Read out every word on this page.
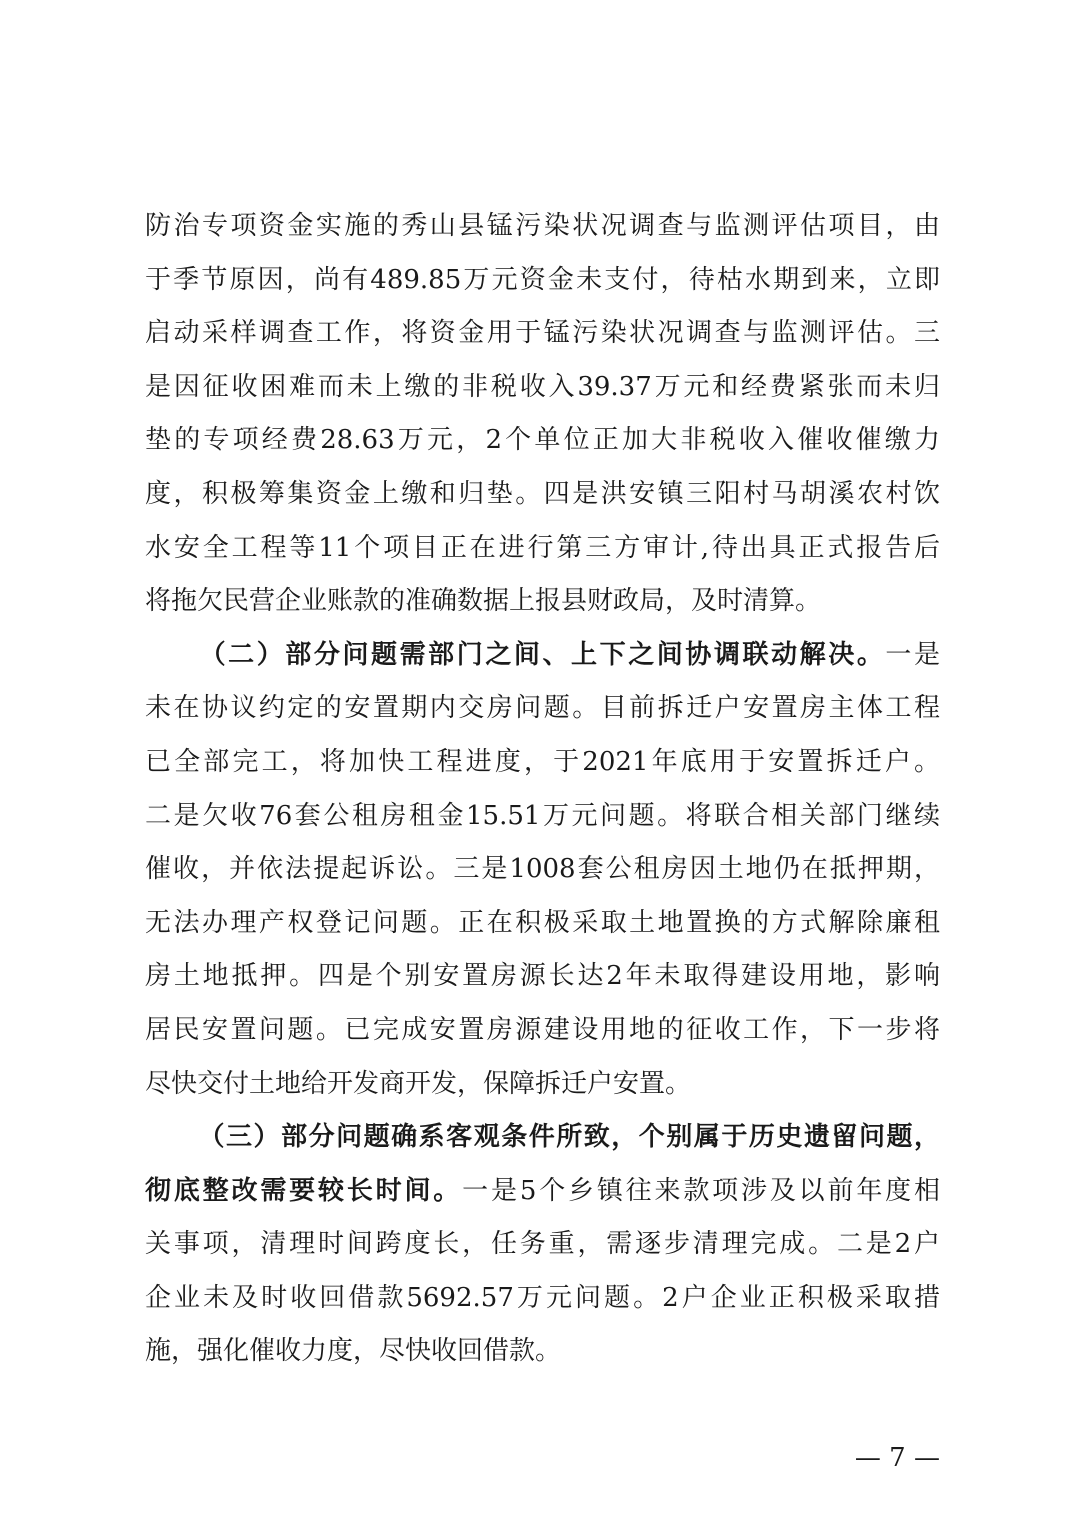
防治专项资金实施的秀山县锰污染状况调查与监测评估项目，由
于季节原因，尚有489.85万元资金未支付，待枯水期到来，立即
启动采样调查工作，将资金用于锰污染状况调查与监测评估。三
是因征收困难而未上缴的非税收入39.37万元和经费紧张而未归
垫的专项经费28.63万元，2个单位正加大非税收入催收催缴力
度，积极筹集资金上缴和归垫。四是洪安镇三阳村马胡溪农村饮
水安全工程等11个项目正在进行第三方审计,待出具正式报告后
将拖欠民营企业账款的准确数据上报县财政局，及时清算。
（二）部分问题需部门之间、上下之间协调联动解决。一是
未在协议约定的安置期内交房问题。目前拆迁户安置房主体工程
已全部完工，将加快工程进度，于2021年底用于安置拆迁户。
二是欠收76套公租房租金15.51万元问题。将联合相关部门继续
催收，并依法提起诉讼。三是1008套公租房因土地仍在抵押期，
无法办理产权登记问题。正在积极采取土地置换的方式解除廉租
房土地抵押。四是个别安置房源长达2年未取得建设用地，影响
居民安置问题。已完成安置房源建设用地的征收工作，下一步将
尽快交付土地给开发商开发，保障拆迁户安置。
（三）部分问题确系客观条件所致，个别属于历史遗留问题，
彻底整改需要较长时间。一是5个乡镇往来款项涉及以前年度相
关事项，清理时间跨度长，任务重，需逐步清理完成。二是2户
企业未及时收回借款5692.57万元问题。2户企业正积极采取措
施，强化催收力度，尽快收回借款。
— 7 —
